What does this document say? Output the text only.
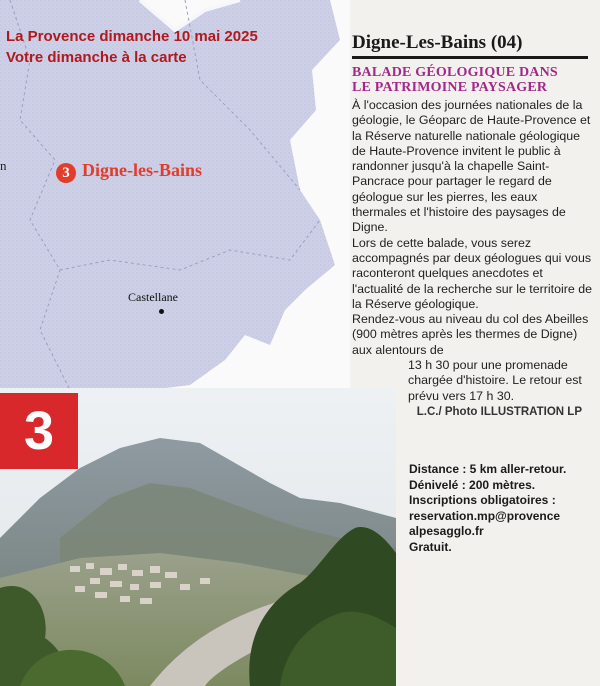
La Provence dimanche 10 mai 2025
Votre dimanche à la carte
n	3 Digne-les-Bains
Castellane
3
Digne-Les-Bains (04)
BALADE GÉOLOGIQUE DANS
LE PATRIMOINE PAYSAGER

À l'occasion des journées nationales de la géologie, le Géoparc de Haute-Provence et la Réserve naturelle nationale géologique de Haute-Provence invitent le public à randonner jusqu'à la chapelle Saint-Pancrace pour partager le regard de géologue sur les pierres, les eaux thermales et l'histoire des paysages de Digne.

Lors de cette balade, vous serez accompagnés par deux géologues qui vous raconteront quelques anecdotes et l'actualité de la recherche sur le territoire de la Réserve géologique.

Rendez-vous au niveau du col des Abeilles (900 mètres après les thermes de Digne) aux alentours de

13 h 30 pour une promenade chargée d'histoire. Le retour est prévu vers 17 h 30.

L.C./ Photo ILLUSTRATION LP
Distance : 5 km aller-retour.
Dénivelé : 200 mètres.
Inscriptions obligatoires :
reservation.mp@provence
alpesagglo.fr
Gratuit.
